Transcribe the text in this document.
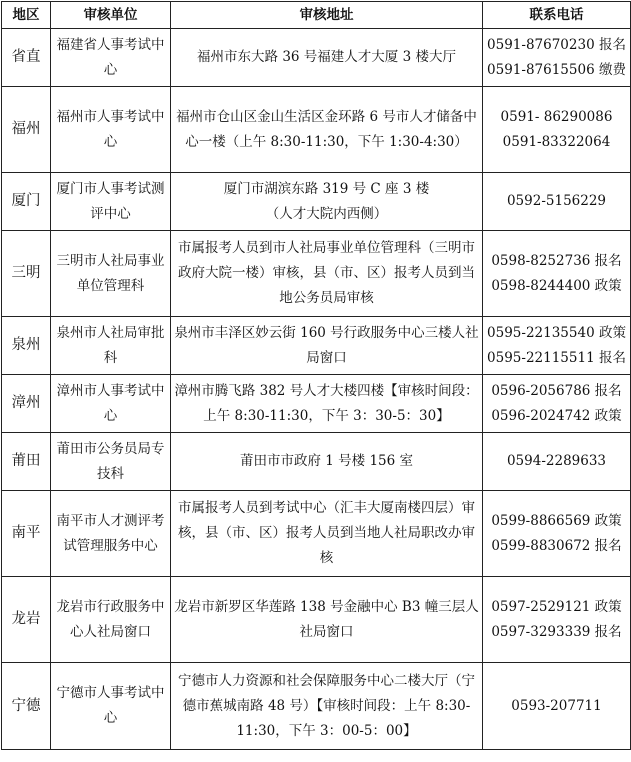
地区	审核单位	审核地址	联系电话
省直	福建省人事考试中心	福州市东大路 36 号福建人才大厦 3 楼大厅	0591-87670230 报名
0591-87615506 缴费

福州	福州市人事考试中心	福州市仓山区金山生活区金环路 6 号市人才储备中心一楼（上午 8:30-11:30，下午 1:30-4:30）	0591- 86290086
0591-83322064

厦门	厦门市人事考试测评中心	厦门市湖滨东路 319 号 C 座 3 楼
（人才大院内西侧）	0592-5156229

三明	三明市人社局事业单位管理科	市属报考人员到市人社局事业单位管理科（三明市政府大院一楼）审核，县（市、区）报考人员到当地公务员局审核	0598-8252736 报名
0598-8244400 政策

泉州	泉州市人社局审批科	泉州市丰泽区妙云街 160 号行政服务中心三楼人社局窗口	0595-22135540 政策
0595-22115511 报名

漳州	漳州市人事考试中心	漳州市腾飞路 382 号人才大楼四楼【审核时间段：上午 8:30-11:30，下午 3：30-5：30】	0596-2056786 报名
0596-2024742 政策

莆田	莆田市公务员局专技科	莆田市市政府 1 号楼 156 室	0594-2289633

南平	南平市人才测评考试管理服务中心	市属报考人员到考试中心（汇丰大厦南楼四层）审核，县（市、区）报考人员到当地人社局职改办审核	0599-8866569 政策
0599-8830672 报名

龙岩	龙岩市行政服务中心人社局窗口	龙岩市新罗区华莲路 138 号金融中心 B3 幢三层人社局窗口	0597-2529121 政策
0597-3293339 报名

宁德	宁德市人事考试中心	宁德市人力资源和社会保障服务中心二楼大厅（宁德市蕉城南路 48 号）【审核时间段：上午 8:30-11:30，下午 3：00-5：00】	0593-207711
